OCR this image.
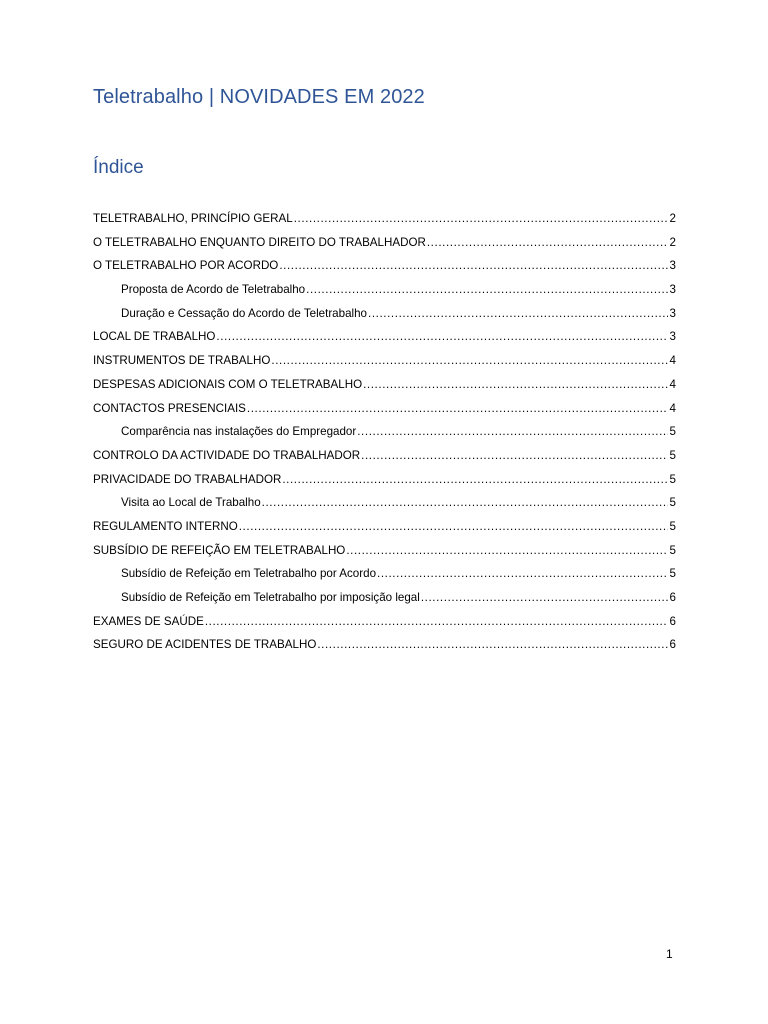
Teletrabalho | NOVIDADES EM 2022
Índice
TELETRABALHO, PRINCÍPIO GERAL .....	2
O TELETRABALHO ENQUANTO DIREITO DO TRABALHADOR .....	2
O TELETRABALHO POR ACORDO .....	3
Proposta de Acordo de Teletrabalho .....	3
Duração e Cessação do Acordo de Teletrabalho .....	3
LOCAL DE TRABALHO .....	3
INSTRUMENTOS DE TRABALHO .....	4
DESPESAS ADICIONAIS COM O TELETRABALHO .....	4
CONTACTOS PRESENCIAIS .....	4
Comparência nas instalações do Empregador .....	5
CONTROLO DA ACTIVIDADE DO TRABALHADOR .....	5
PRIVACIDADE DO TRABALHADOR .....	5
Visita ao Local de Trabalho .....	5
REGULAMENTO INTERNO .....	5
SUBSÍDIO DE REFEIÇÃO EM TELETRABALHO .....	5
Subsídio de Refeição em Teletrabalho por Acordo .....	5
Subsídio de Refeição em Teletrabalho por imposição legal .....	6
EXAMES DE SAÚDE .....	6
SEGURO DE ACIDENTES DE TRABALHO .....	6
1
